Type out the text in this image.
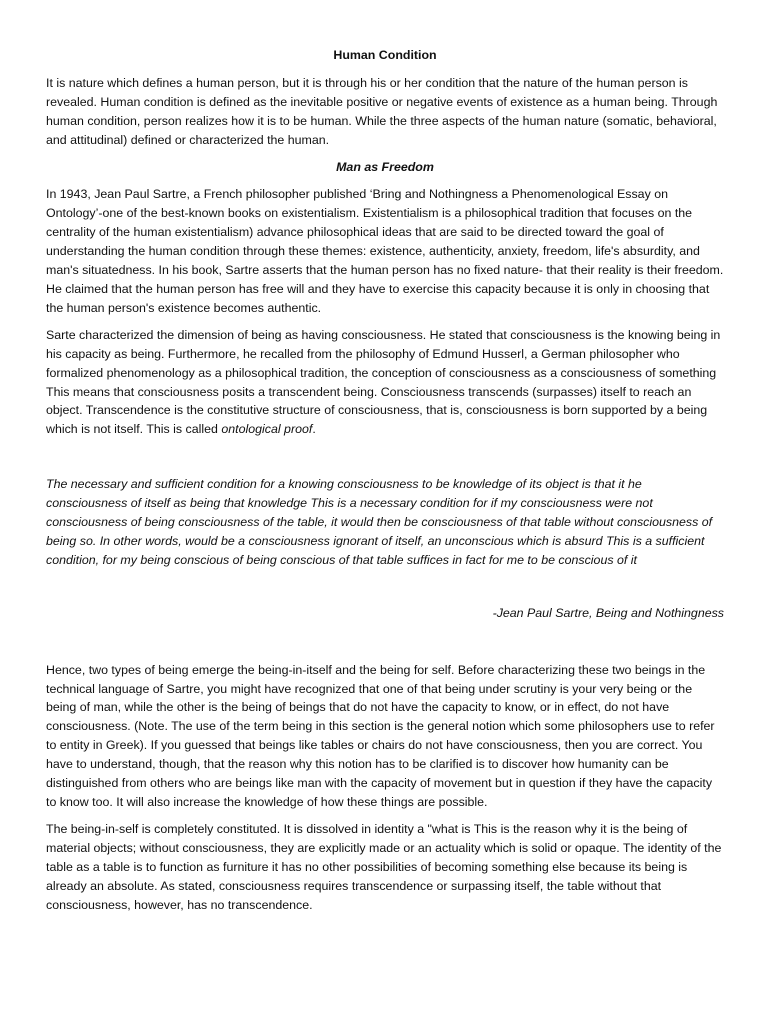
Human Condition

It is nature which defines a human person, but it is through his or her condition that the nature of the human person is revealed. Human condition is defined as the inevitable positive or negative events of existence as a human being. Through human condition, person realizes how it is to be human. While the three aspects of the human nature (somatic, behavioral, and attitudinal) defined or characterized the human.

Man as Freedom

In 1943, Jean Paul Sartre, a French philosopher published ‘Bring and Nothingness a Phenomenological Essay on Ontology’-one of the best-known books on existentialism. Existentialism is a philosophical tradition that focuses on the centrality of the human existentialism) advance philosophical ideas that are said to be directed toward the goal of understanding the human condition through these themes: existence, authenticity, anxiety, freedom, life's absurdity, and man's situatedness. In his book, Sartre asserts that the human person has no fixed nature- that their reality is their freedom. He claimed that the human person has free will and they have to exercise this capacity because it is only in choosing that the human person's existence becomes authentic.

Sarte characterized the dimension of being as having consciousness. He stated that consciousness is the knowing being in his capacity as being. Furthermore, he recalled from the philosophy of Edmund Husserl, a German philosopher who formalized phenomenology as a philosophical tradition, the conception of consciousness as a consciousness of something This means that consciousness posits a transcendent being. Consciousness transcends (surpasses) itself to reach an object. Transcendence is the constitutive structure of consciousness, that is, consciousness is born supported by a being which is not itself. This is called ontological proof.

The necessary and sufficient condition for a knowing consciousness to be knowledge of its object is that it he consciousness of itself as being that knowledge This is a necessary condition for if my consciousness were not consciousness of being consciousness of the table, it would then be consciousness of that table without consciousness of being so. In other words, would be a consciousness ignorant of itself, an unconscious which is absurd This is a sufficient condition, for my being conscious of being conscious of that table suffices in fact for me to be conscious of it

-Jean Paul Sartre, Being and Nothingness

Hence, two types of being emerge the being-in-itself and the being for self. Before characterizing these two beings in the technical language of Sartre, you might have recognized that one of that being under scrutiny is your very being or the being of man, while the other is the being of beings that do not have the capacity to know, or in effect, do not have consciousness. (Note. The use of the term being in this section is the general notion which some philosophers use to refer to entity in Greek). If you guessed that beings like tables or chairs do not have consciousness, then you are correct. You have to understand, though, that the reason why this notion has to be clarified is to discover how humanity can be distinguished from others who are beings like man with the capacity of movement but in question if they have the capacity to know too. It will also increase the knowledge of how these things are possible.

The being-in-self is completely constituted. It is dissolved in identity a "what is This is the reason why it is the being of material objects; without consciousness, they are explicitly made or an actuality which is solid or opaque. The identity of the table as a table is to function as furniture it has no other possibilities of becoming something else because its being is already an absolute. As stated, consciousness requires transcendence or surpassing itself, the table without that consciousness, however, has no transcendence.
